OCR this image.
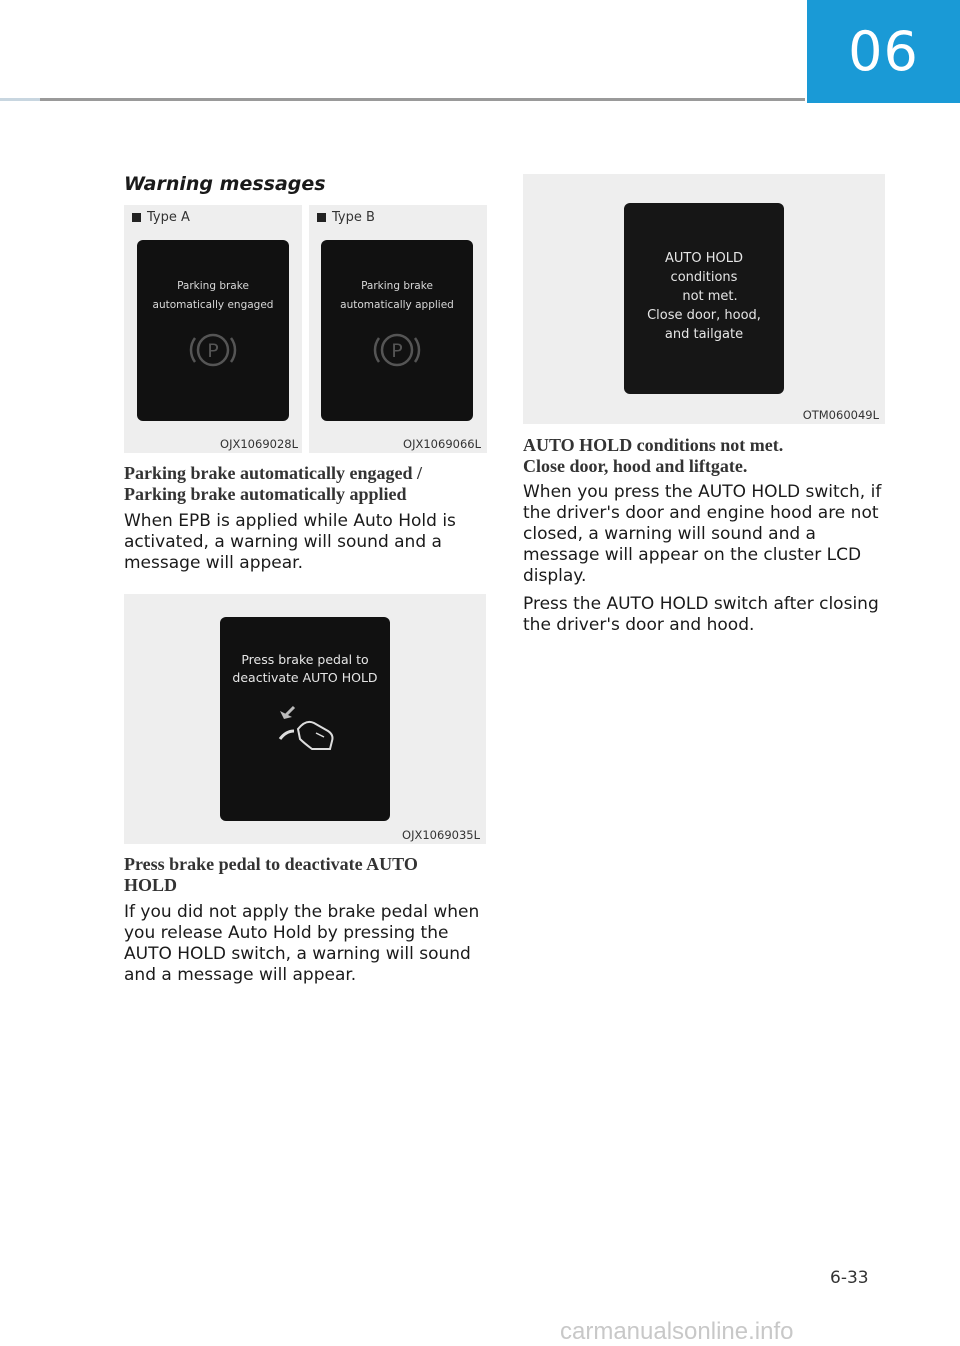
06
Warning messages
Type A
Parking brake
automatically engaged
P
OJX1069028L
Type B
Parking brake
automatically applied
P
OJX1069066L
Parking brake automatically engaged / Parking brake automatically applied

When EPB is applied while Auto Hold is activated, a warning will sound and a message will appear.

Press brake pedal to
deactivate AUTO HOLD
OJX1069035L
Press brake pedal to deactivate AUTO HOLD

If you did not apply the brake pedal when you release Auto Hold by pressing the AUTO HOLD switch, a warning will sound and a message will appear.

AUTO HOLD
conditions
not met.
Close door, hood,
and tailgate
OTM060049L
AUTO HOLD conditions not met.
Close door, hood and liftgate.

When you press the AUTO HOLD switch, if the driver's door and engine hood are not closed, a warning will sound and a message will appear on the cluster LCD display.

Press the AUTO HOLD switch after closing the driver's door and hood.

6-33
carmanualsonline.info
